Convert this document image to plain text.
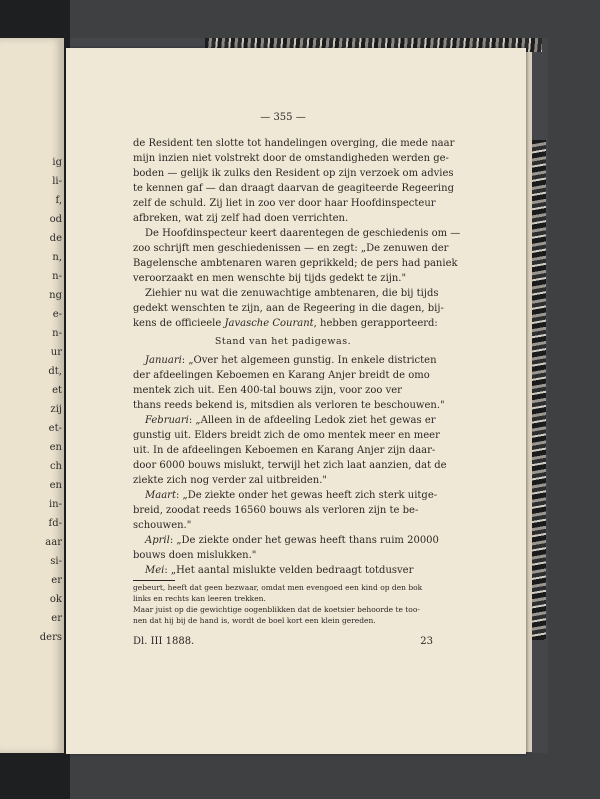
ig
li-
f,
od
de
n,
n-
ng
e-
n-
ur
dt,
et
zij
et-
en
ch
en
in-
fd-
aar
si-
er
ok
er
ders
— 355 —
de Resident ten slotte tot handelingen overging, die mede naar
mijn inzien niet volstrekt door de omstandigheden werden ge-
boden — gelijk ik zulks den Resident op zijn verzoek om advies
te kennen gaf — dan draagt daarvan de geagiteerde Regeering
zelf de schuld. Zij liet in zoo ver door haar Hoofdinspecteur
afbreken, wat zij zelf had doen verrichten.
De Hoofdinspecteur keert daarentegen de geschiedenis om —
zoo schrijft men geschiedenissen — en zegt: „De zenuwen der
Bagelensche ambtenaren waren geprikkeld; de pers had paniek
veroorzaakt en men wenschte bij tijds gedekt te zijn."
Ziehier nu wat die zenuwachtige ambtenaren, die bij tijds
gedekt wenschten te zijn, aan de Regeering in die dagen, bij-
kens de officieele Javasche Courant, hebben gerapporteerd:
Stand van het padigewas.
Januari: „Over het algemeen gunstig. In enkele districten
der afdeelingen Keboemen en Karang Anjer breidt de omo
mentek zich uit. Een 400-tal bouws zijn, voor zoo ver
thans reeds bekend is, mitsdien als verloren te beschouwen."
Februari: „Alleen in de afdeeling Ledok ziet het gewas er
gunstig uit. Elders breidt zich de omo mentek meer en meer
uit. In de afdeelingen Keboemen en Karang Anjer zijn daar-
door 6000 bouws mislukt, terwijl het zich laat aanzien, dat de
ziekte zich nog verder zal uitbreiden."
Maart: „De ziekte onder het gewas heeft zich sterk uitge-
breid, zoodat reeds 16560 bouws als verloren zijn te be-
schouwen."
April: „De ziekte onder het gewas heeft thans ruim 20000
bouws doen mislukken."
Mei: „Het aantal mislukte velden bedraagt totdusver
gebeurt, heeft dat geen bezwaar, omdat men evengoed een kind op den bok
links en rechts kan leeren trekken.
Maar juist op die gewichtige oogenblikken dat de koetsier behoorde te too-
nen dat hij bij de hand is, wordt de boel kort een klein gereden.
Dl. III 1888.	23
